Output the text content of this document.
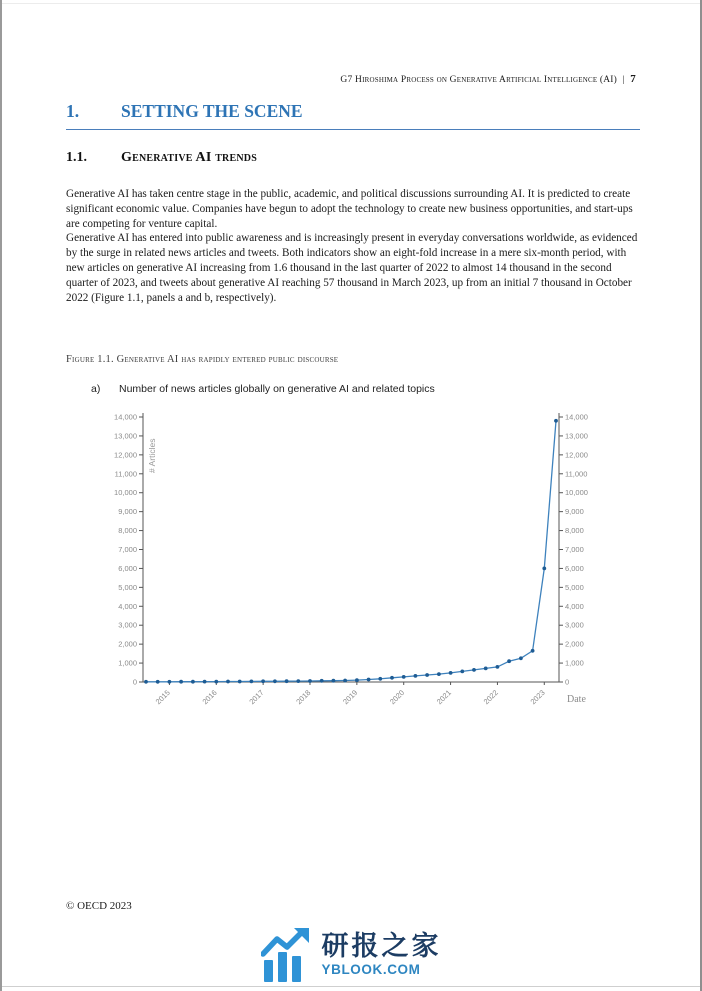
G7 Hiroshima Process on Generative Artificial Intelligence (AI) | 7
1.	SETTING THE SCENE
1.1.	Generative AI trends

Generative AI has taken centre stage in the public, academic, and political discussions surrounding AI. It is predicted to create significant economic value. Companies have begun to adopt the technology to create new business opportunities, and start-ups are competing for venture capital.

Generative AI has entered into public awareness and is increasingly present in everyday conversations worldwide, as evidenced by the surge in related news articles and tweets. Both indicators show an eight-fold increase in a mere six-month period, with new articles on generative AI increasing from 1.6 thousand in the last quarter of 2022 to almost 14 thousand in the second quarter of 2023, and tweets about generative AI reaching 57 thousand in March 2023, up from an initial 7 thousand in October 2022 (Figure 1.1, panels a and b, respectively).

Figure 1.1. Generative AI has rapidly entered public discourse
a)	Number of news articles globally on generative AI and related topics
0	0
1,000	1,000
2,000	2,000
3,000	3,000
4,000	4,000
5,000	5,000
6,000	6,000
7,000	7,000
8,000	8,000
9,000	9,000
10,000	10,000
11,000	11,000
12,000	12,000
13,000	13,000
14,000	14,000
2015	2016	2017	2018	2019	2020	2021	2022	2023
# Articles
Date
© OECD 2023
研报之家
YBLOOK.COM
